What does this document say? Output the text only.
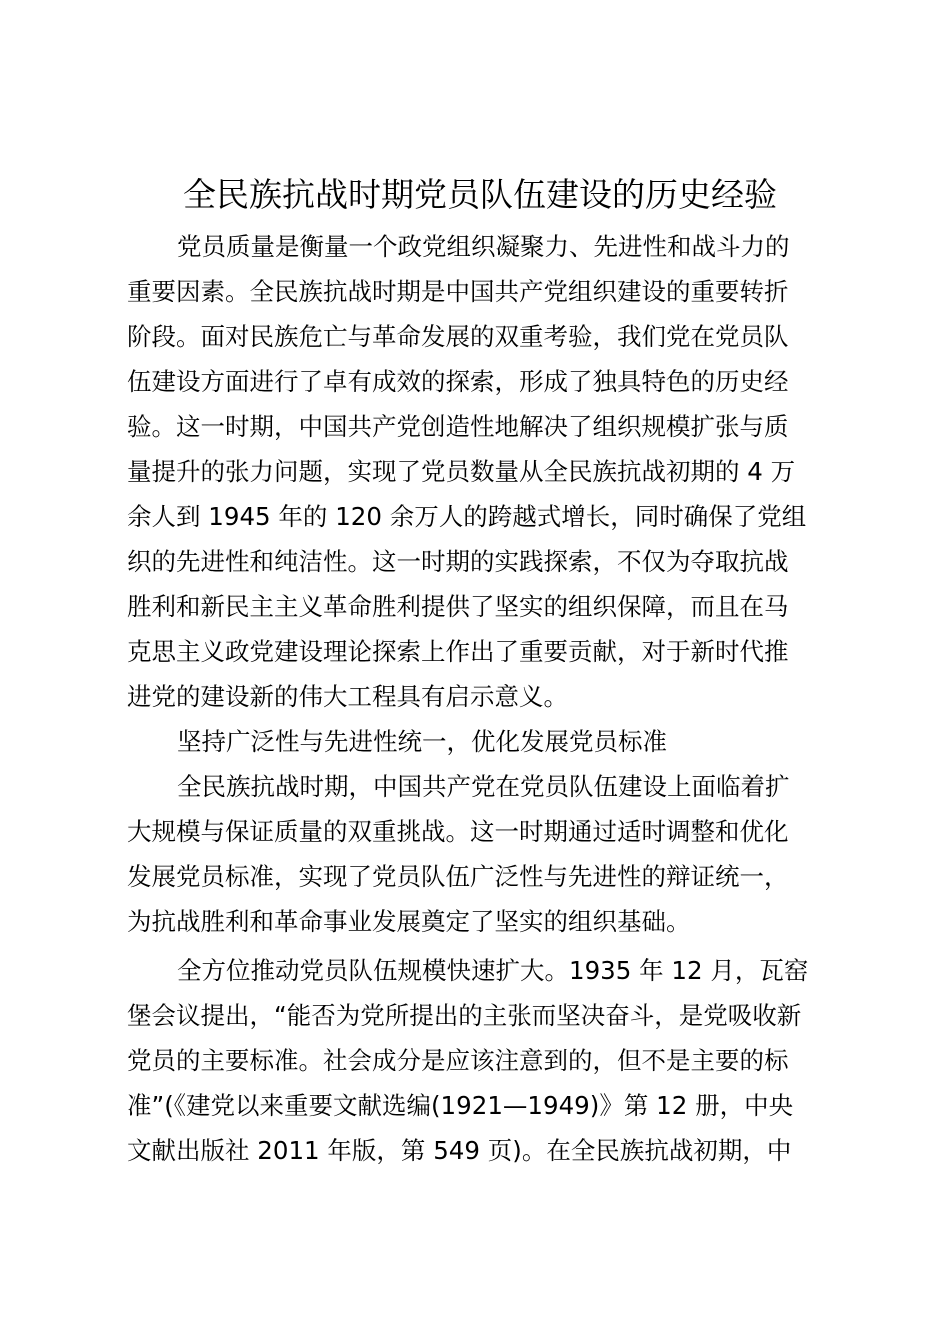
全民族抗战时期党员队伍建设的历史经验
党员质量是衡量一个政党组织凝聚力、先进性和战斗力的
重要因素。全民族抗战时期是中国共产党组织建设的重要转折
阶段。面对民族危亡与革命发展的双重考验，我们党在党员队
伍建设方面进行了卓有成效的探索，形成了独具特色的历史经
验。这一时期，中国共产党创造性地解决了组织规模扩张与质
量提升的张力问题，实现了党员数量从全民族抗战初期的 4 万
余人到 1945 年的 120 余万人的跨越式增长，同时确保了党组
织的先进性和纯洁性。这一时期的实践探索，不仅为夺取抗战
胜利和新民主主义革命胜利提供了坚实的组织保障，而且在马
克思主义政党建设理论探索上作出了重要贡献，对于新时代推
进党的建设新的伟大工程具有启示意义。
坚持广泛性与先进性统一，优化发展党员标准
全民族抗战时期，中国共产党在党员队伍建设上面临着扩
大规模与保证质量的双重挑战。这一时期通过适时调整和优化
发展党员标准，实现了党员队伍广泛性与先进性的辩证统一，
为抗战胜利和革命事业发展奠定了坚实的组织基础。
全方位推动党员队伍规模快速扩大。1935 年 12 月，瓦窑
堡会议提出，“能否为党所提出的主张而坚决奋斗，是党吸收新
党员的主要标准。社会成分是应该注意到的，但不是主要的标
准”(《建党以来重要文献选编(1921—1949)》第 12 册，中央
文献出版社 2011 年版，第 549 页)。在全民族抗战初期，中
